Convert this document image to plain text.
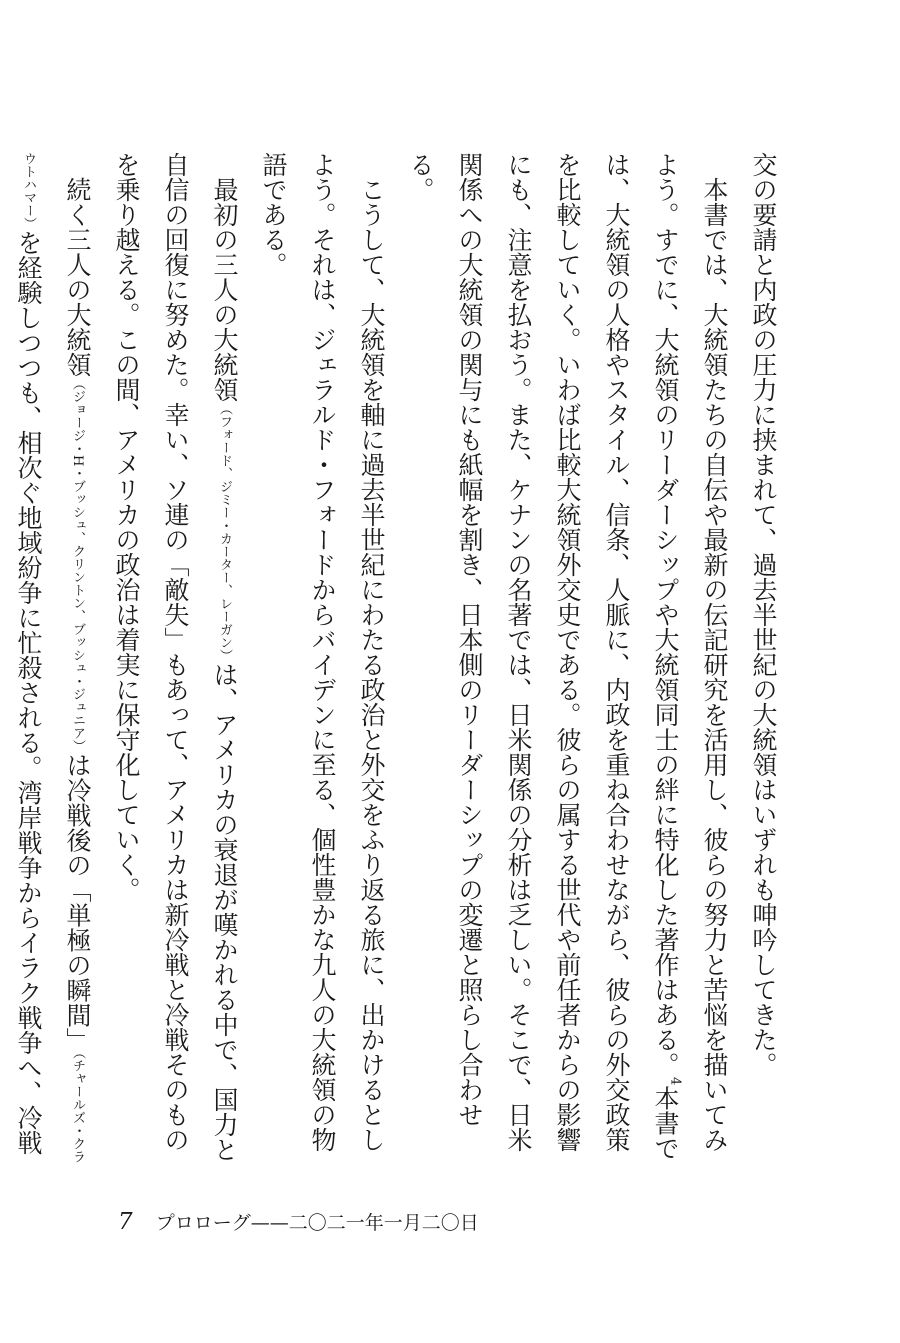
交の要請と内政の圧力に挟まれて、過去半世紀の大統領はいずれも呻吟してきた。

　本書では、大統領たちの自伝や最新の伝記研究を活用し、彼らの努力と苦悩を描いてみよう。すでに、大統領のリーダーシップや大統領同士の絆に特化した著作はある。$^4$本書では、大統領の人格やスタイル、信条、人脈に、内政を重ね合わせながら、彼らの外交政策を比較していく。いわば比較大統領外交史である。彼らの属する世代や前任者からの影響にも、注意を払おう。また、ケナンの名著では、日米関係の分析は乏しい。そこで、日米関係への大統領の関与にも紙幅を割き、日本側のリーダーシップの変遷と照らし合わせる。

　こうして、大統領を軸に過去半世紀にわたる政治と外交をふり返る旅に、出かけるとしよう。それは、ジェラルド・フォードからバイデンに至る、個性豊かな九人の大統領の物語である。

　最初の三人の大統領（フォード、ジミー・カーター、レーガン）は、アメリカの衰退が嘆かれる中で、国力と自信の回復に努めた。幸い、ソ連の「敵失」もあって、アメリカは新冷戦と冷戦そのものを乗り越える。この間、アメリカの政治は着実に保守化していく。

　続く三人の大統領（ジョージ・H・ブッシュ、クリントン、ブッシュ・ジュニア）は冷戦後の「単極の瞬間」（チャールズ・クラウトハマー）を経験しつつも、相次ぐ地域紛争に忙殺される。湾岸戦争からイラク戦争へ、冷戦

7 プロローグ——二〇二一年一月二〇日
